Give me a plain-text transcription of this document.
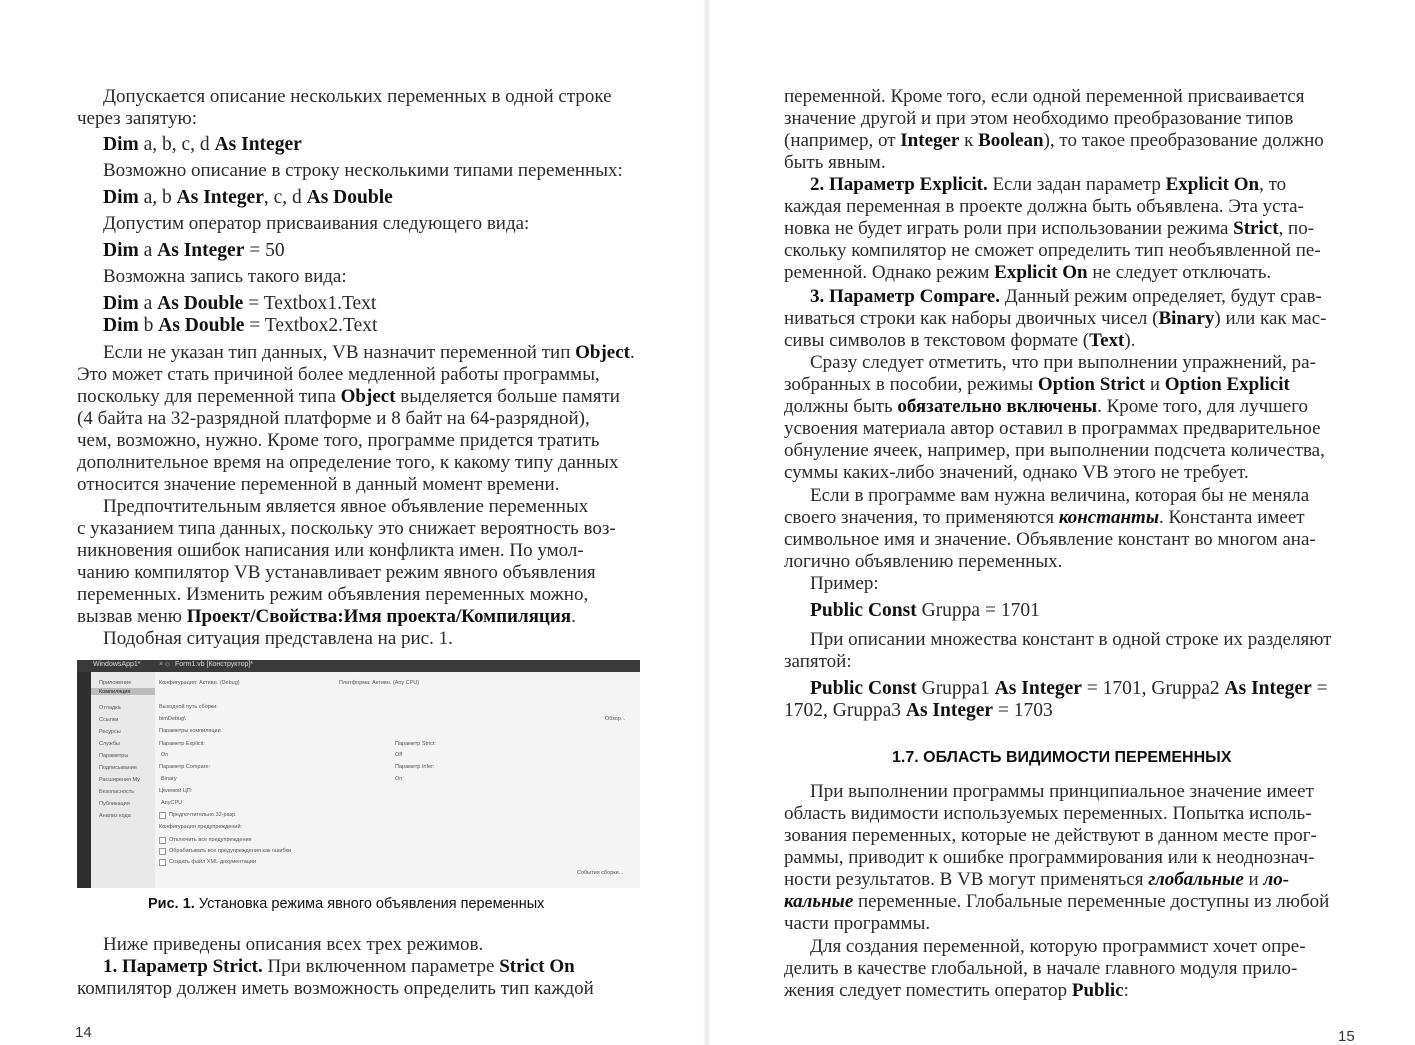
Допускается описание нескольких переменных в одной строке
через запятую:
Dim a, b, c, d As Integer
Возможно описание в строку несколькими типами переменных:
Dim a, b As Integer, c, d As Double
Допустим оператор присваивания следующего вида:
Dim a As Integer = 50
Возможна запись такого вида:
Dim a As Double = Textbox1.Text
Dim b As Double = Textbox2.Text
Если не указан тип данных, VB назначит переменной тип Object.
Это может стать причиной более медленной работы программы,
поскольку для переменной типа Object выделяется больше памяти
(4 байта на 32-разрядной платформе и 8 байт на 64-разрядной),
чем, возможно, нужно. Кроме того, программе придется тратить
дополнительное время на определение того, к какому типу данных
относится значение переменной в данный момент времени.
Предпочтительным является явное объявление переменных
с указанием типа данных, поскольку это снижает вероятность воз-
никновения ошибок написания или конфликта имен. По умол-
чанию компилятор VB устанавливает режим явного объявления
переменных. Изменить режим объявления переменных можно,
вызвав меню Проект/Свойства:Имя проекта/Компиляция.
Подобная ситуация представлена на рис. 1.
WindowsApp1*	× ⬦ Form1.vb [Конструктор]*
Приложение
Компиляция
Отладка
Ссылки
Ресурсы
Службы
Параметры
Подписывание
Расширения My
Безопасность
Публикация
Анализ кода
Конфигурация: Активн. (Debug)	Платформа: Активн. (Any CPU)
Выходной путь сборки:
bin\Debug\	Обзор...
Параметры компиляции
Параметр Explicit:	Параметр Strict:
On	Off
Параметр Compare:	Параметр Infer:
Binary	On
Целевой ЦП:
AnyCPU
Предпочтительно 32-разр.
Конфигурация предупреждений:
Отключить все предупреждения
Обрабатывать все предупреждения как ошибки
Создать файл XML-документации
События сборки...
Рис. 1. Установка режима явного объявления переменных
Ниже приведены описания всех трех режимов.
1. Параметр Strict. При включенном параметре Strict On
компилятор должен иметь возможность определить тип каждой
14
переменной. Кроме того, если одной переменной присваивается
значение другой и при этом необходимо преобразование типов
(например, от Integer к Boolean), то такое преобразование должно
быть явным.
2. Параметр Explicit. Если задан параметр Explicit On, то
каждая переменная в проекте должна быть объявлена. Эта уста-
новка не будет играть роли при использовании режима Strict, по-
скольку компилятор не сможет определить тип необъявленной пе-
ременной. Однако режим Explicit On не следует отключать.
3. Параметр Compare. Данный режим определяет, будут срав-
ниваться строки как наборы двоичных чисел (Binary) или как мас-
сивы символов в текстовом формате (Text).
Сразу следует отметить, что при выполнении упражнений, ра-
зобранных в пособии, режимы Option Strict и Option Explicit
должны быть обязательно включены. Кроме того, для лучшего
усвоения материала автор оставил в программах предварительное
обнуление ячеек, например, при выполнении подсчета количества,
суммы каких-либо значений, однако VB этого не требует.
Если в программе вам нужна величина, которая бы не меняла
своего значения, то применяются константы. Константа имеет
символьное имя и значение. Объявление констант во многом ана-
логично объявлению переменных.
Пример:
Public Const Gruppa = 1701
При описании множества констант в одной строке их разделяют
запятой:
Public Const Gruppa1 As Integer = 1701, Gruppa2 As Integer =
1702, Gruppa3 As Integer = 1703
1.7. ОБЛАСТЬ ВИДИМОСТИ ПЕРЕМЕННЫХ
При выполнении программы принципиальное значение имеет
область видимости используемых переменных. Попытка исполь-
зования переменных, которые не действуют в данном месте прог-
раммы, приводит к ошибке программирования или к неоднознач-
ности результатов. В VB могут применяться глобальные и ло-
кальные переменные. Глобальные переменные доступны из любой
части программы.
Для создания переменной, которую программист хочет опре-
делить в качестве глобальной, в начале главного модуля прило-
жения следует поместить оператор Public:
15
